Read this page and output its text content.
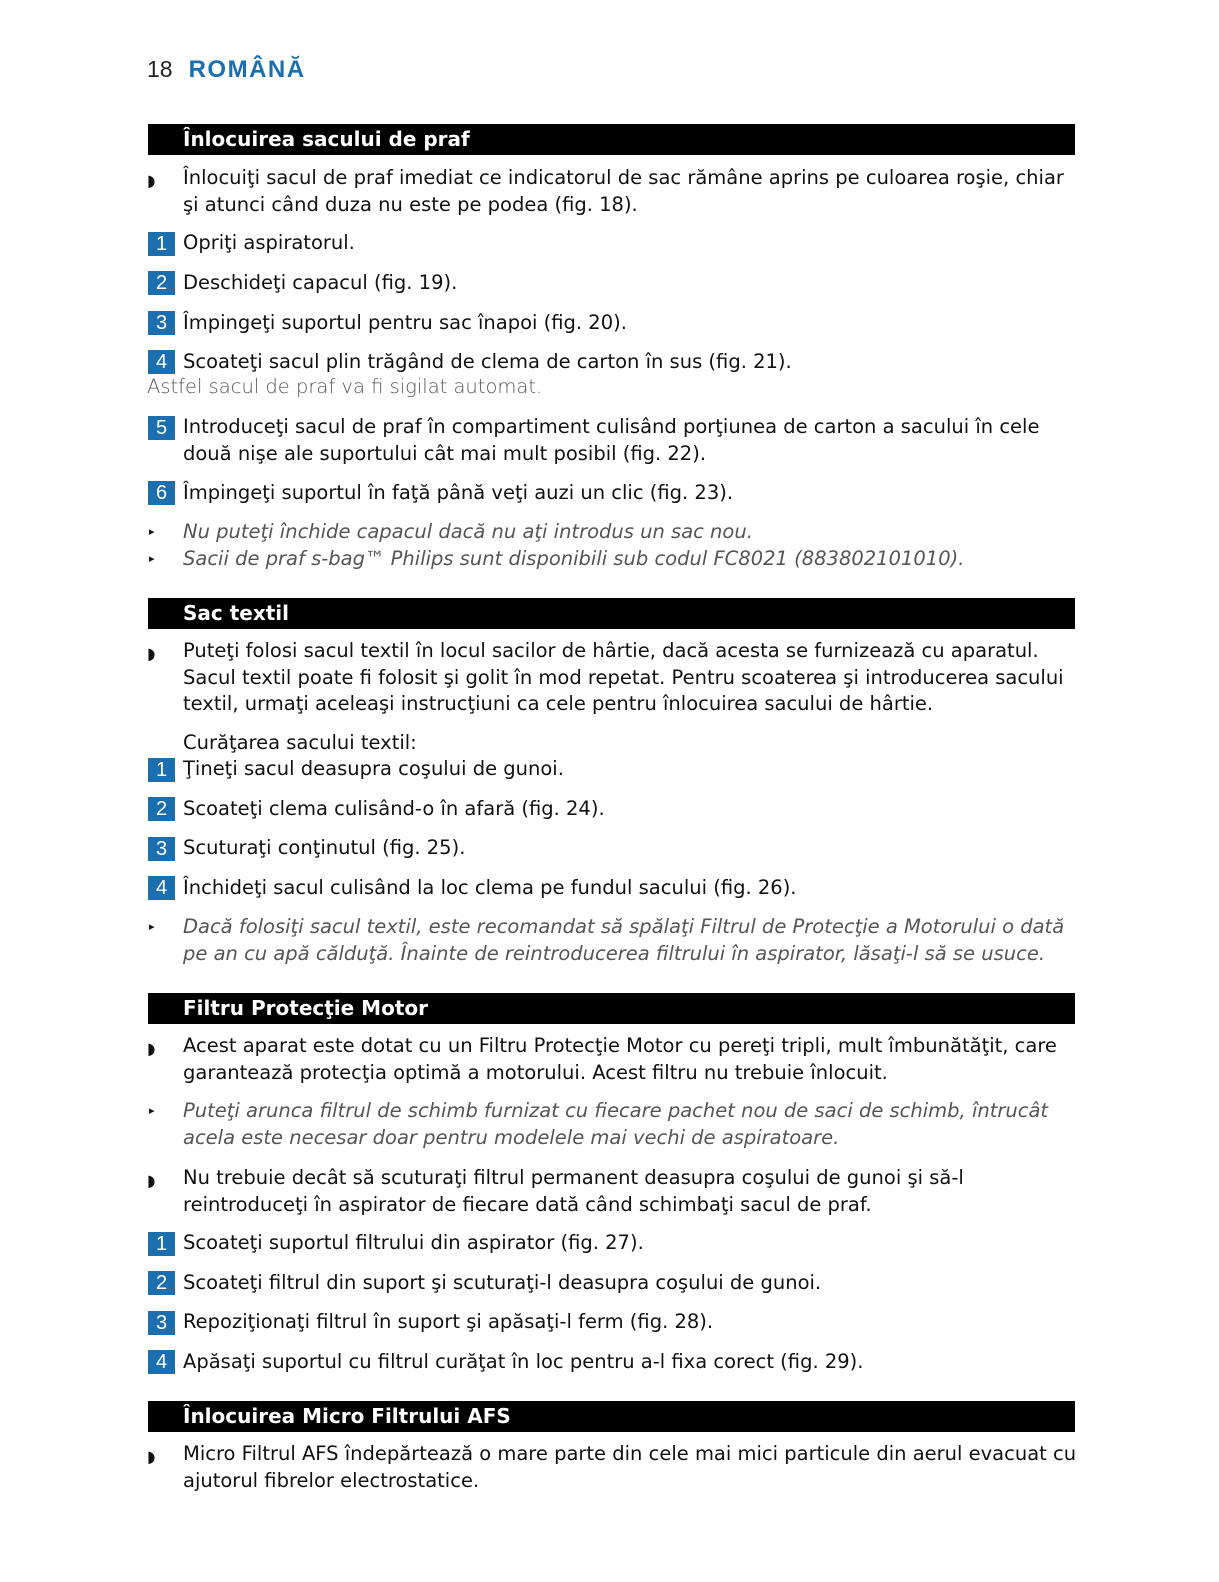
18 ROMÂNĂ
Înlocuirea sacului de praf
◗ Înlocuiţi sacul de praf imediat ce indicatorul de sac rămâne aprins pe culoarea roşie, chiar şi atunci când duza nu este pe podea (fig. 18).
1 Opriţi aspiratorul.
2 Deschideţi capacul (fig. 19).
3 Împingeţi suportul pentru sac înapoi (fig. 20).
4 Scoateţi sacul plin trăgând de clema de carton în sus (fig. 21).
Astfel sacul de praf va fi sigilat automat.
5 Introduceţi sacul de praf în compartiment culisând porţiunea de carton a sacului în cele două nişe ale suportului cât mai mult posibil (fig. 22).
6 Împingeţi suportul în faţă până veţi auzi un clic (fig. 23).
▸ Nu puteţi închide capacul dacă nu aţi introdus un sac nou.
▸ Sacii de praf s-bag™ Philips sunt disponibili sub codul FC8021 (883802101010).
Sac textil
◗ Puteţi folosi sacul textil în locul sacilor de hârtie, dacă acesta se furnizează cu aparatul. Sacul textil poate fi folosit şi golit în mod repetat. Pentru scoaterea şi introducerea sacului textil, urmaţi aceleaşi instrucţiuni ca cele pentru înlocuirea sacului de hârtie.
Curăţarea sacului textil:
1 Ţineţi sacul deasupra coşului de gunoi.
2 Scoateţi clema culisând-o în afară (fig. 24).
3 Scuturaţi conţinutul (fig. 25).
4 Închideţi sacul culisând la loc clema pe fundul sacului (fig. 26).
▸ Dacă folosiţi sacul textil, este recomandat să spălaţi Filtrul de Protecţie a Motorului o dată pe an cu apă călduţă. Înainte de reintroducerea filtrului în aspirator, lăsaţi-l să se usuce.
Filtru Protecţie Motor
◗ Acest aparat este dotat cu un Filtru Protecţie Motor cu pereţi tripli, mult îmbunătăţit, care garantează protecţia optimă a motorului. Acest filtru nu trebuie înlocuit.
▸ Puteţi arunca filtrul de schimb furnizat cu fiecare pachet nou de saci de schimb, întrucât acela este necesar doar pentru modelele mai vechi de aspiratoare.
◗ Nu trebuie decât să scuturaţi filtrul permanent deasupra coşului de gunoi şi să-l reintroduceţi în aspirator de fiecare dată când schimbaţi sacul de praf.
1 Scoateţi suportul filtrului din aspirator (fig. 27).
2 Scoateţi filtrul din suport şi scuturaţi-l deasupra coşului de gunoi.
3 Repoziţionaţi filtrul în suport şi apăsaţi-l ferm (fig. 28).
4 Apăsaţi suportul cu filtrul curăţat în loc pentru a-l fixa corect (fig. 29).
Înlocuirea Micro Filtrului AFS
◗ Micro Filtrul AFS îndepărtează o mare parte din cele mai mici particule din aerul evacuat cu ajutorul fibrelor electrostatice.
